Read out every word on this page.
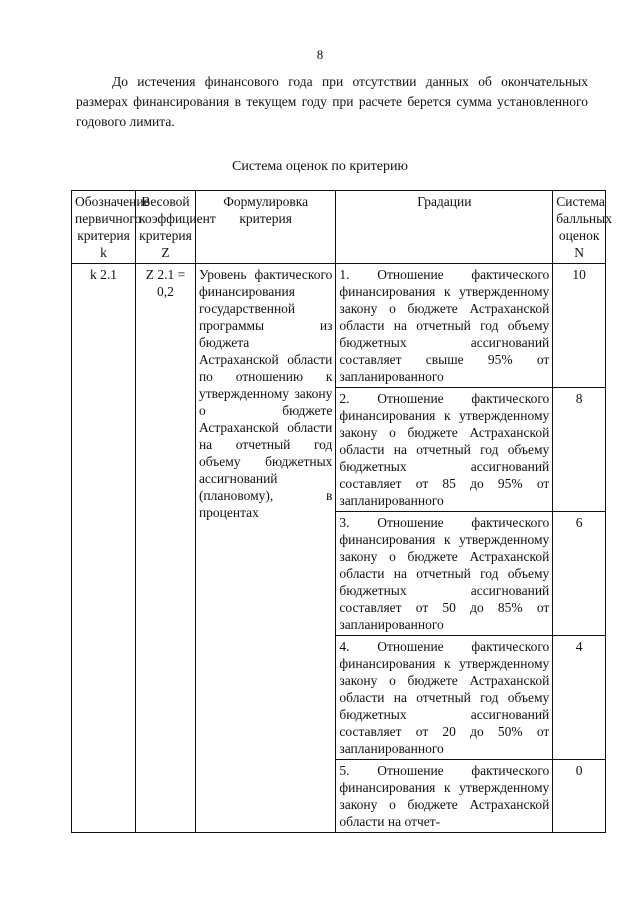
8

До истечения финансового года при отсутствии данных об окончательных размерах финансирования в текущем году при расчете берется сумма установленного годового лимита.

Система оценок по критерию
Обозначение первичного критерия k	Весовой коэффициент критерия Z	Формулировка критерия	Градации	Система балльных оценок N
k 2.1	Z 2.1 = 0,2	Уровень фактического финансирования государственной программы из бюджета Астраханской области по отношению к утвержденному закону о бюджете Астраханской области на отчетный год объему бюджетных ассигнований (плановому), в процентах	1. Отношение фактического финансирования к утвержденному закону о бюджете Астраханской области на отчетный год объему бюджетных ассигнований составляет свыше 95% от запланированного	10
			2. Отношение фактического финансирования к утвержденному закону о бюджете Астраханской области на отчетный год объему бюджетных ассигнований составляет от 85 до 95% от запланированного	8
			3. Отношение фактического финансирования к утвержденному закону о бюджете Астраханской области на отчетный год объему бюджетных ассигнований составляет от 50 до 85% от запланированного	6
			4. Отношение фактического финансирования к утвержденному закону о бюджете Астраханской области на отчетный год объему бюджетных ассигнований составляет от 20 до 50% от запланированного	4
			5. Отношение фактического финансирования к утвержденному закону о бюджете Астраханской области на отчет-	0
